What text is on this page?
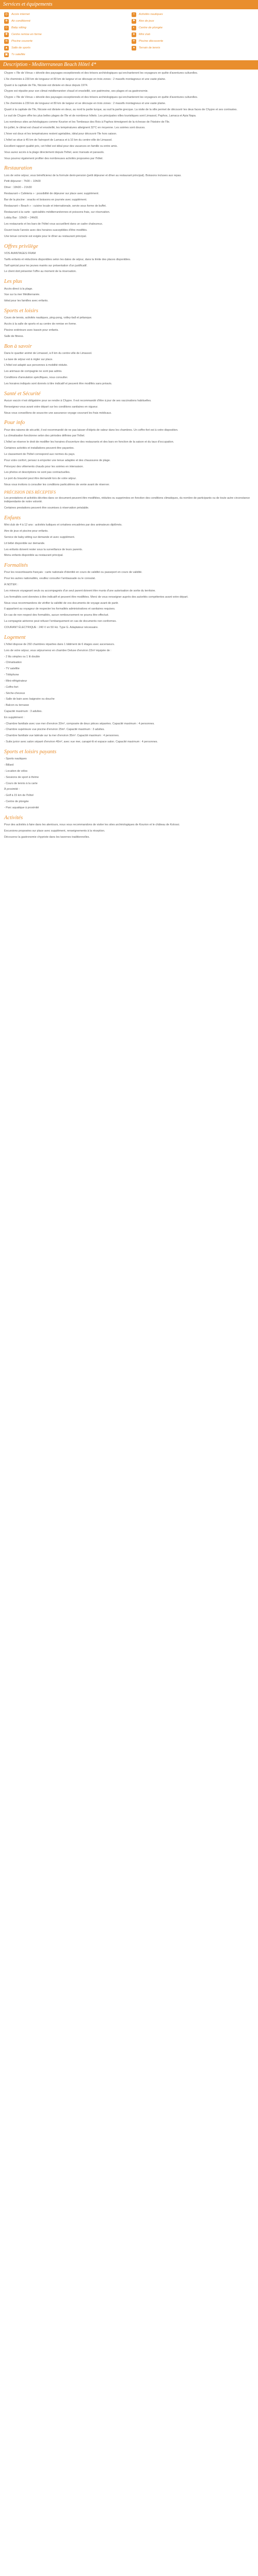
Services et équipements
◎	Accès internet	≈	Activités nautiques
❄	Air conditionné	⚑	Aire de jeux
☺ Baby sitting	◐	Centre de plongée
✚	Centre remise en forme	★	Mini club
≋	Piscine couverte	☀	Piscine découverte
▲ Salle de sports	●	Terrain de tennis
▣ Tv satellite
Description - Mediterranean Beach Hôtel 4*

Chypre « l'Ile de Vénus » dévoile des paysages exceptionnels et des trésors archéologiques qui enchanteront les voyageurs en quête d'aventures culturelles.

L'Ile cheminée à 230 km de longueur et 80 km de largeur et se découpe en trois zones : 2 massifs montagneux et une vaste plaine.

Quant à la capitale de l'île, Nicosie est divisée en deux depuis 1974.

Chypre est réputée pour son climat méditerranéen chaud et ensoleillé, son patrimoine, ses plages et sa gastronomie.

Chypre « l'Ile de Vénus » dévoile des paysages exceptionnels et des trésors archéologiques qui enchanteront les voyageurs en quête d'aventures culturelles.

L'Ile cheminée à 230 km de longueur et 80 km de largeur et se découpe en trois zones : 2 massifs montagneux et une vaste plaine.

Quant à la capitale de l'île, Nicosie est divisée en deux, au nord la partie turque, au sud la partie grecque. La visite de la ville permet de découvrir les deux faces de Chypre et ses contrastes.

Le sud de Chypre offre les plus belles plages de l'île et de nombreux hôtels. Les principales villes touristiques sont Limassol, Paphos, Larnaca et Ayia Napa.

Les nombreux sites archéologiques comme Kourion et les Tombeaux des Rois à Paphos témoignent de la richesse de l'histoire de l'île.

En juillet, le climat est chaud et ensoleillé, les températures atteignent 32°C en moyenne. Les soirées sont douces.

L'hiver est doux et les températures restent agréables, idéal pour découvrir l'île hors saison.

L'hôtel se situe à 45 km de l'aéroport de Larnaca et à 10 km du centre-ville de Limassol.

Excellent rapport qualité prix, cet hôtel est idéal pour des vacances en famille ou entre amis.

Vous aurez accès à la plage directement depuis l'hôtel, avec transats et parasols.

Vous pourrez également profiter des nombreuses activités proposées par l'hôtel.

Restauration

Lors de votre séjour, vous bénéficierez de la formule demi-pension (petit déjeuner et dîner au restaurant principal). Boissons incluses aux repas.

Petit déjeuner : 7h00 – 10h00

Dîner : 19h00 – 21h30

Restaurant « Cafeteria » : possibilité de déjeuner sur place avec supplément.

Bar de la piscine : snacks et boissons en journée avec supplément.

Restaurant « Beach » : cuisine locale et internationale, servie sous forme de buffet.

Restaurant à la carte : spécialités méditerranéennes et poissons frais, sur réservation.

Lobby Bar : 10h00 – 24h00.

Les restaurants et les bars de l'hôtel vous accueillent dans un cadre chaleureux.

Ouvert toute l'année avec des horaires susceptibles d'être modifiés.

Une tenue correcte est exigée pour le dîner au restaurant principal.

Offres privilège

VOS AVANTAGES FRAM

Tarifs enfants et réductions disponibles selon les dates de séjour, dans la limite des places disponibles.

Tarif spécial pour les jeunes mariés sur présentation d'un justificatif.

Le client doit présenter l'offre au moment de la réservation.

Les plus

Accès direct à la plage.

Vue sur la mer Méditerranée.

Idéal pour les familles avec enfants.

Sports et loisirs

Cours de tennis, activités nautiques, ping-pong, volley-ball et pétanque.

Accès à la salle de sports et au centre de remise en forme.

Piscine extérieure avec bassin pour enfants.

Salle de fitness.

Bon à savoir

Dans le quartier animé de Limassol, à 8 km du centre-ville de Limassol.

La taxe de séjour est à régler sur place.

L'hôtel est adapté aux personnes à mobilité réduite.

Les animaux de compagnie ne sont pas admis.

Conditions d'annulation spécifiques, nous consulter.

Les horaires indiqués sont donnés à titre indicatif et peuvent être modifiés sans préavis.

Santé et Sécurité

Aucun vaccin n'est obligatoire pour se rendre à Chypre. Il est recommandé d'être à jour de ses vaccinations habituelles.

Renseignez-vous avant votre départ sur les conditions sanitaires en vigueur.

Nous vous conseillons de souscrire une assurance voyage couvrant les frais médicaux.

Pour info

Pour des raisons de sécurité, il est recommandé de ne pas laisser d'objets de valeur dans les chambres. Un coffre-fort est à votre disposition.

La climatisation fonctionne selon des périodes définies par l'hôtel.

L'hôtel se réserve le droit de modifier les horaires d'ouverture des restaurants et des bars en fonction de la saison et du taux d'occupation.

Certaines activités et installations peuvent être payantes.

Le classement de l'hôtel correspond aux normes du pays.

Pour votre confort, pensez à emporter une tenue adaptée et des chaussures de plage.

Prévoyez des vêtements chauds pour les soirées en intersaison.

Les photos et descriptions ne sont pas contractuelles.

Le port du bracelet peut être demandé lors de votre séjour.

Nous vous invitons à consulter les conditions particulières de vente avant de réserver.

PRÉCISION DES RÉCEPTIFS

Les prestations et activités décrites dans ce document peuvent être modifiées, réduites ou supprimées en fonction des conditions climatiques, du nombre de participants ou de toute autre circonstance indépendante de notre volonté.

Certaines prestations peuvent être soumises à réservation préalable.

Enfants

Mini club de 4 à 12 ans : activités ludiques et créatives encadrées par des animateurs diplômés.

Aire de jeux et piscine pour enfants.

Service de baby-sitting sur demande et avec supplément.

Lit bébé disponible sur demande.

Les enfants doivent rester sous la surveillance de leurs parents.

Menu enfants disponible au restaurant principal.

Formalités

Pour les ressortissants français : carte nationale d'identité en cours de validité ou passeport en cours de validité.

Pour les autres nationalités, veuillez consulter l'ambassade ou le consulat.

À NOTER :

Les mineurs voyageant seuls ou accompagnés d'un seul parent doivent être munis d'une autorisation de sortie du territoire.

Les formalités sont données à titre indicatif et peuvent être modifiées. Merci de vous renseigner auprès des autorités compétentes avant votre départ.

Nous vous recommandons de vérifier la validité de vos documents de voyage avant de partir.

Il appartient au voyageur de respecter les formalités administratives et sanitaires requises.

En cas de non respect des formalités, aucun remboursement ne pourra être effectué.

La compagnie aérienne peut refuser l'embarquement en cas de documents non conformes.

COURANT ÉLECTRIQUE : 240 V en 50 Hz. Type G. Adaptateur nécessaire.

Logement

L'hôtel dispose de 292 chambres réparties dans 1 bâtiment de 6 étages avec ascenseurs.

Lors de votre séjour, vous séjournerez en chambre Deluxe d'environ 22m² équipée de :

- 2 lits simples ou 1 lit double

- Climatisation

- TV satellite

- Téléphone

- Mini-réfrigérateur

- Coffre-fort

- Sèche-cheveux

- Salle de bain avec baignoire ou douche

- Balcon ou terrasse

Capacité maximum : 3 adultes.

En supplément :

- Chambre familiale avec vue mer d'environ 32m², composée de deux pièces séparées. Capacité maximum : 4 personnes.

- Chambre supérieure vue piscine d'environ 25m². Capacité maximum : 3 adultes.

- Chambre familiale vue latérale sur la mer d'environ 35m². Capacité maximum : 4 personnes.

- Suite junior avec salon séparé d'environ 40m², avec vue mer, canapé-lit et espace salon. Capacité maximum : 4 personnes.

Sports et loisirs payants

- Sports nautiques

- Billard

- Location de vélos

- Sessions de sport à thème

- Cours de tennis à la carte

À proximité :

- Golf à 15 km de l'hôtel

- Centre de plongée

- Parc aquatique à proximité

Activités

Pour des activités à faire dans les alentours, nous vous recommandons de visiter les sites archéologiques de Kourion et le château de Kolossi.

Excursions proposées sur place avec supplément, renseignements à la réception.

Découvrez la gastronomie chypriote dans les tavernes traditionnelles.
